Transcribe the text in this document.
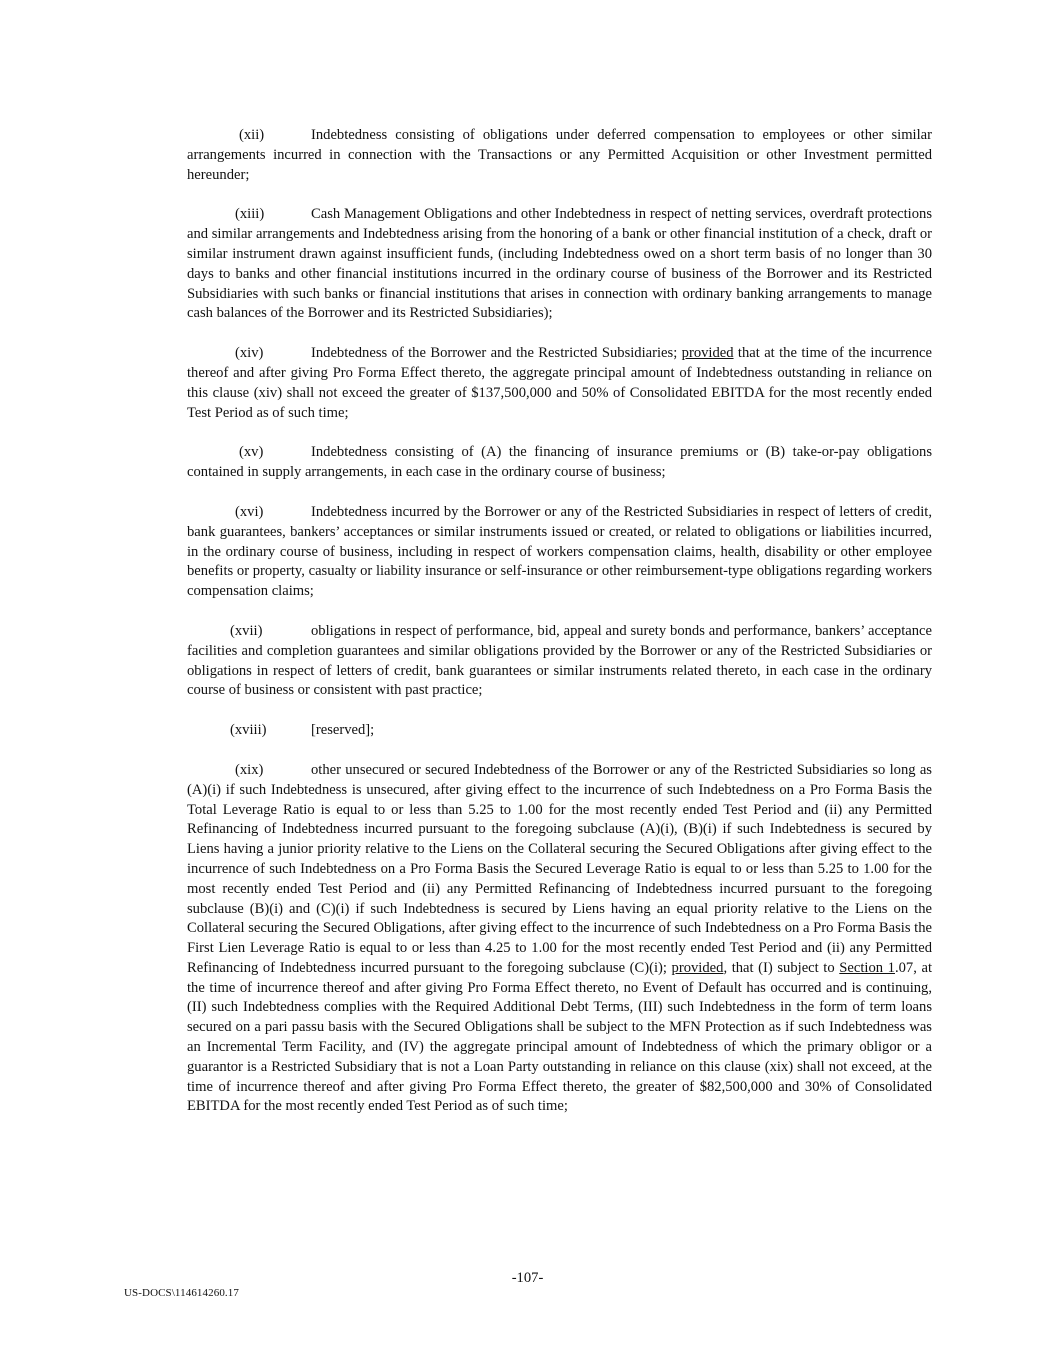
(xii)	Indebtedness consisting of obligations under deferred compensation to employees or other similar arrangements incurred in connection with the Transactions or any Permitted Acquisition or other Investment permitted hereunder;

(xiii)	Cash Management Obligations and other Indebtedness in respect of netting services, overdraft protections and similar arrangements and Indebtedness arising from the honoring of a bank or other financial institution of a check, draft or similar instrument drawn against insufficient funds, (including Indebtedness owed on a short term basis of no longer than 30 days to banks and other financial institutions incurred in the ordinary course of business of the Borrower and its Restricted Subsidiaries with such banks or financial institutions that arises in connection with ordinary banking arrangements to manage cash balances of the Borrower and its Restricted Subsidiaries);

(xiv)	Indebtedness of the Borrower and the Restricted Subsidiaries; provided that at the time of the incurrence thereof and after giving Pro Forma Effect thereto, the aggregate principal amount of Indebtedness outstanding in reliance on this clause (xiv) shall not exceed the greater of $137,500,000 and 50% of Consolidated EBITDA for the most recently ended Test Period as of such time;

(xv)	Indebtedness consisting of (A) the financing of insurance premiums or (B) take-or-pay obligations contained in supply arrangements, in each case in the ordinary course of business;

(xvi)	Indebtedness incurred by the Borrower or any of the Restricted Subsidiaries in respect of letters of credit, bank guarantees, bankers’ acceptances or similar instruments issued or created, or related to obligations or liabilities incurred, in the ordinary course of business, including in respect of workers compensation claims, health, disability or other employee benefits or property, casualty or liability insurance or self-insurance or other reimbursement-type obligations regarding workers compensation claims;

(xvii)	obligations in respect of performance, bid, appeal and surety bonds and performance, bankers’ acceptance facilities and completion guarantees and similar obligations provided by the Borrower or any of the Restricted Subsidiaries or obligations in respect of letters of credit, bank guarantees or similar instruments related thereto, in each case in the ordinary course of business or consistent with past practice;

(xviii)	[reserved];

(xix)	other unsecured or secured Indebtedness of the Borrower or any of the Restricted Subsidiaries so long as (A)(i) if such Indebtedness is unsecured, after giving effect to the incurrence of such Indebtedness on a Pro Forma Basis the Total Leverage Ratio is equal to or less than 5.25 to 1.00 for the most recently ended Test Period and (ii) any Permitted Refinancing of Indebtedness incurred pursuant to the foregoing subclause (A)(i), (B)(i) if such Indebtedness is secured by Liens having a junior priority relative to the Liens on the Collateral securing the Secured Obligations after giving effect to the incurrence of such Indebtedness on a Pro Forma Basis the Secured Leverage Ratio is equal to or less than 5.25 to 1.00 for the most recently ended Test Period and (ii) any Permitted Refinancing of Indebtedness incurred pursuant to the foregoing subclause (B)(i) and (C)(i) if such Indebtedness is secured by Liens having an equal priority relative to the Liens on the Collateral securing the Secured Obligations, after giving effect to the incurrence of such Indebtedness on a Pro Forma Basis the First Lien Leverage Ratio is equal to or less than 4.25 to 1.00 for the most recently ended Test Period and (ii) any Permitted Refinancing of Indebtedness incurred pursuant to the foregoing subclause (C)(i); provided, that (I) subject to Section 1.07, at the time of incurrence thereof and after giving Pro Forma Effect thereto, no Event of Default has occurred and is continuing, (II) such Indebtedness complies with the Required Additional Debt Terms, (III) such Indebtedness in the form of term loans secured on a pari passu basis with the Secured Obligations shall be subject to the MFN Protection as if such Indebtedness was an Incremental Term Facility, and (IV) the aggregate principal amount of Indebtedness of which the primary obligor or a guarantor is a Restricted Subsidiary that is not a Loan Party outstanding in reliance on this clause (xix) shall not exceed, at the time of incurrence thereof and after giving Pro Forma Effect thereto, the greater of $82,500,000 and 30% of Consolidated EBITDA for the most recently ended Test Period as of such time;

-107-
US-DOCS\114614260.17
